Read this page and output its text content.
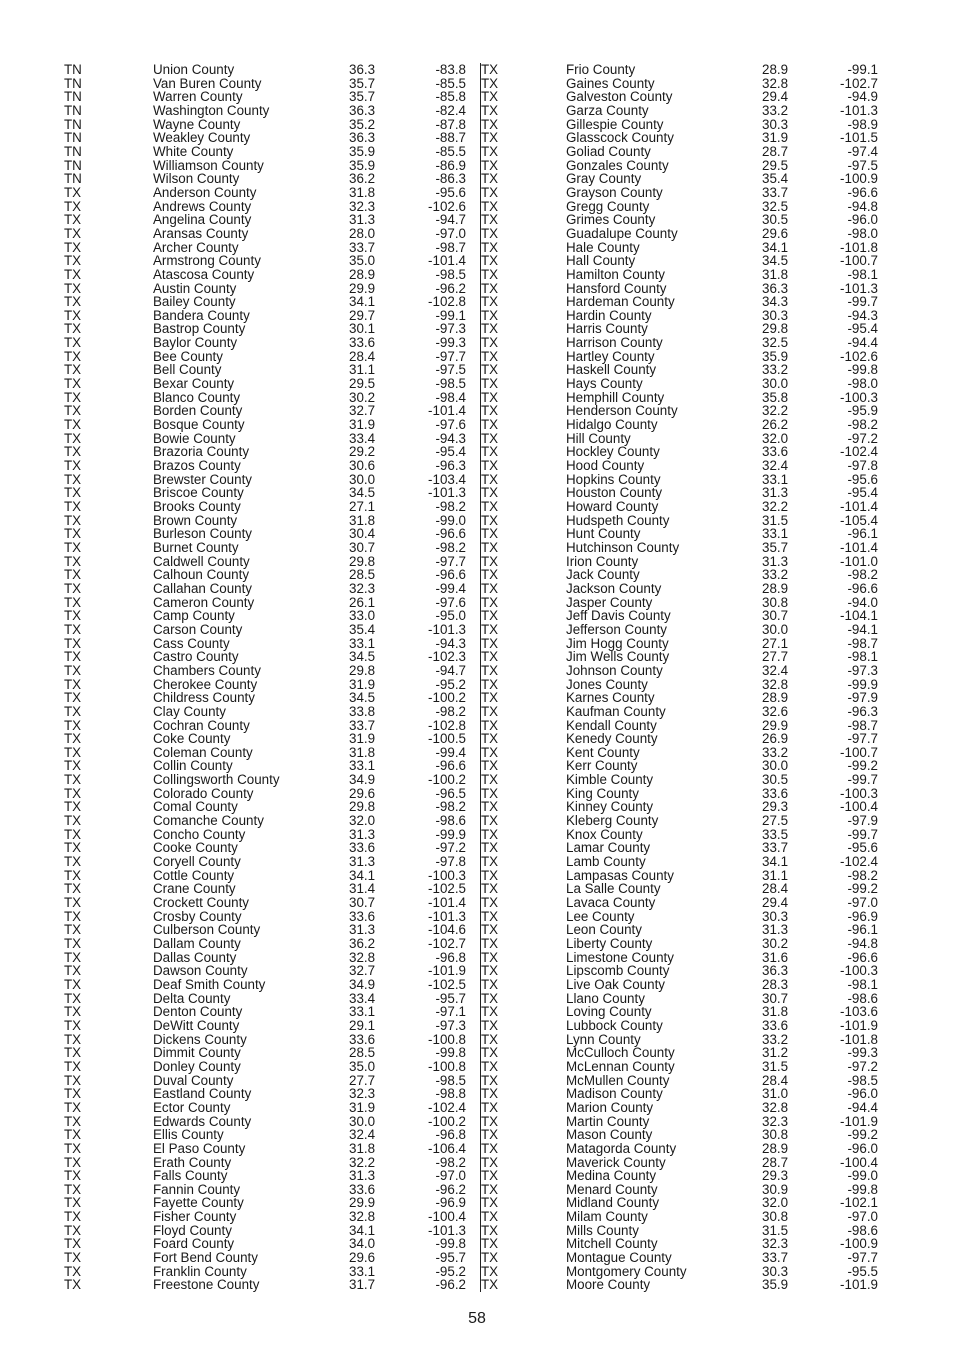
TN	Union County	36.3	-83.8
TN	Van Buren County	35.7	-85.5
TN	Warren County	35.7	-85.8
TN	Washington County	36.3	-82.4
TN	Wayne County	35.2	-87.8
TN	Weakley County	36.3	-88.7
TN	White County	35.9	-85.5
TN	Williamson County	35.9	-86.9
TN	Wilson County	36.2	-86.3
TX	Anderson County	31.8	-95.6
TX	Andrews County	32.3	-102.6
TX	Angelina County	31.3	-94.7
TX	Aransas County	28.0	-97.0
TX	Archer County	33.7	-98.7
TX	Armstrong County	35.0	-101.4
TX	Atascosa County	28.9	-98.5
TX	Austin County	29.9	-96.2
TX	Bailey County	34.1	-102.8
TX	Bandera County	29.7	-99.1
TX	Bastrop County	30.1	-97.3
TX	Baylor County	33.6	-99.3
TX	Bee County	28.4	-97.7
TX	Bell County	31.1	-97.5
TX	Bexar County	29.5	-98.5
TX	Blanco County	30.2	-98.4
TX	Borden County	32.7	-101.4
TX	Bosque County	31.9	-97.6
TX	Bowie County	33.4	-94.3
TX	Brazoria County	29.2	-95.4
TX	Brazos County	30.6	-96.3
TX	Brewster County	30.0	-103.4
TX	Briscoe County	34.5	-101.3
TX	Brooks County	27.1	-98.2
TX	Brown County	31.8	-99.0
TX	Burleson County	30.4	-96.6
TX	Burnet County	30.7	-98.2
TX	Caldwell County	29.8	-97.7
TX	Calhoun County	28.5	-96.6
TX	Callahan County	32.3	-99.4
TX	Cameron County	26.1	-97.6
TX	Camp County	33.0	-95.0
TX	Carson County	35.4	-101.3
TX	Cass County	33.1	-94.3
TX	Castro County	34.5	-102.3
TX	Chambers County	29.8	-94.7
TX	Cherokee County	31.9	-95.2
TX	Childress County	34.5	-100.2
TX	Clay County	33.8	-98.2
TX	Cochran County	33.7	-102.8
TX	Coke County	31.9	-100.5
TX	Coleman County	31.8	-99.4
TX	Collin County	33.1	-96.6
TX	Collingsworth County	34.9	-100.2
TX	Colorado County	29.6	-96.5
TX	Comal County	29.8	-98.2
TX	Comanche County	32.0	-98.6
TX	Concho County	31.3	-99.9
TX	Cooke County	33.6	-97.2
TX	Coryell County	31.3	-97.8
TX	Cottle County	34.1	-100.3
TX	Crane County	31.4	-102.5
TX	Crockett County	30.7	-101.4
TX	Crosby County	33.6	-101.3
TX	Culberson County	31.3	-104.6
TX	Dallam County	36.2	-102.7
TX	Dallas County	32.8	-96.8
TX	Dawson County	32.7	-101.9
TX	Deaf Smith County	34.9	-102.5
TX	Delta County	33.4	-95.7
TX	Denton County	33.1	-97.1
TX	DeWitt County	29.1	-97.3
TX	Dickens County	33.6	-100.8
TX	Dimmit County	28.5	-99.8
TX	Donley County	35.0	-100.8
TX	Duval County	27.7	-98.5
TX	Eastland County	32.3	-98.8
TX	Ector County	31.9	-102.4
TX	Edwards County	30.0	-100.2
TX	Ellis County	32.4	-96.8
TX	El Paso County	31.8	-106.4
TX	Erath County	32.2	-98.2
TX	Falls County	31.3	-97.0
TX	Fannin County	33.6	-96.2
TX	Fayette County	29.9	-96.9
TX	Fisher County	32.8	-100.4
TX	Floyd County	34.1	-101.3
TX	Foard County	34.0	-99.8
TX	Fort Bend County	29.6	-95.7
TX	Franklin County	33.1	-95.2
TX	Freestone County	31.7	-96.2
TX	Frio County	28.9	-99.1
TX	Gaines County	32.8	-102.7
TX	Galveston County	29.4	-94.9
TX	Garza County	33.2	-101.3
TX	Gillespie County	30.3	-98.9
TX	Glasscock County	31.9	-101.5
TX	Goliad County	28.7	-97.4
TX	Gonzales County	29.5	-97.5
TX	Gray County	35.4	-100.9
TX	Grayson County	33.7	-96.6
TX	Gregg County	32.5	-94.8
TX	Grimes County	30.5	-96.0
TX	Guadalupe County	29.6	-98.0
TX	Hale County	34.1	-101.8
TX	Hall County	34.5	-100.7
TX	Hamilton County	31.8	-98.1
TX	Hansford County	36.3	-101.3
TX	Hardeman County	34.3	-99.7
TX	Hardin County	30.3	-94.3
TX	Harris County	29.8	-95.4
TX	Harrison County	32.5	-94.4
TX	Hartley County	35.9	-102.6
TX	Haskell County	33.2	-99.8
TX	Hays County	30.0	-98.0
TX	Hemphill County	35.8	-100.3
TX	Henderson County	32.2	-95.9
TX	Hidalgo County	26.2	-98.2
TX	Hill County	32.0	-97.2
TX	Hockley County	33.6	-102.4
TX	Hood County	32.4	-97.8
TX	Hopkins County	33.1	-95.6
TX	Houston County	31.3	-95.4
TX	Howard County	32.2	-101.4
TX	Hudspeth County	31.5	-105.4
TX	Hunt County	33.1	-96.1
TX	Hutchinson County	35.7	-101.4
TX	Irion County	31.3	-101.0
TX	Jack County	33.2	-98.2
TX	Jackson County	28.9	-96.6
TX	Jasper County	30.8	-94.0
TX	Jeff Davis County	30.7	-104.1
TX	Jefferson County	30.0	-94.1
TX	Jim Hogg County	27.1	-98.7
TX	Jim Wells County	27.7	-98.1
TX	Johnson County	32.4	-97.3
TX	Jones County	32.8	-99.9
TX	Karnes County	28.9	-97.9
TX	Kaufman County	32.6	-96.3
TX	Kendall County	29.9	-98.7
TX	Kenedy County	26.9	-97.7
TX	Kent County	33.2	-100.7
TX	Kerr County	30.0	-99.2
TX	Kimble County	30.5	-99.7
TX	King County	33.6	-100.3
TX	Kinney County	29.3	-100.4
TX	Kleberg County	27.5	-97.9
TX	Knox County	33.5	-99.7
TX	Lamar County	33.7	-95.6
TX	Lamb County	34.1	-102.4
TX	Lampasas County	31.1	-98.2
TX	La Salle County	28.4	-99.2
TX	Lavaca County	29.4	-97.0
TX	Lee County	30.3	-96.9
TX	Leon County	31.3	-96.1
TX	Liberty County	30.2	-94.8
TX	Limestone County	31.6	-96.6
TX	Lipscomb County	36.3	-100.3
TX	Live Oak County	28.3	-98.1
TX	Llano County	30.7	-98.6
TX	Loving County	31.8	-103.6
TX	Lubbock County	33.6	-101.9
TX	Lynn County	33.2	-101.8
TX	McCulloch County	31.2	-99.3
TX	McLennan County	31.5	-97.2
TX	McMullen County	28.4	-98.5
TX	Madison County	31.0	-96.0
TX	Marion County	32.8	-94.4
TX	Martin County	32.3	-101.9
TX	Mason County	30.8	-99.2
TX	Matagorda County	28.9	-96.0
TX	Maverick County	28.7	-100.4
TX	Medina County	29.3	-99.0
TX	Menard County	30.9	-99.8
TX	Midland County	32.0	-102.1
TX	Milam County	30.8	-97.0
TX	Mills County	31.5	-98.6
TX	Mitchell County	32.3	-100.9
TX	Montague County	33.7	-97.7
TX	Montgomery County	30.3	-95.5
TX	Moore County	35.9	-101.9
58
